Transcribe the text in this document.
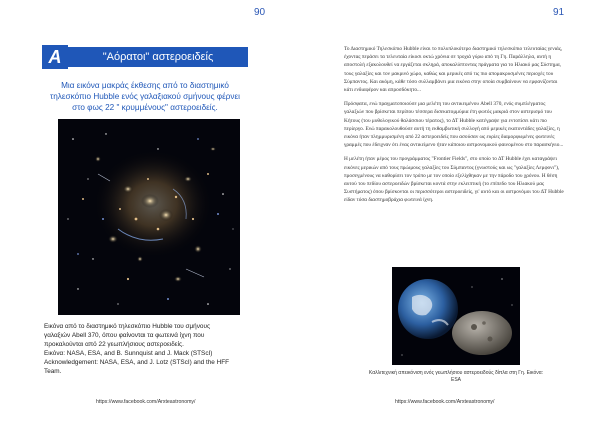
90	91
A	"Αόρατοι" αστεροειδείς
Μια εικόνα μακράς έκθεσης από το διαστημικό τηλεσκόπιο Hubble ενός γαλαξιακού σμήνους φέρνει στο φως 22 " κρυμμένους" αστεροειδείς.
Εικόνα από το διαστημικό τηλεσκόπιο Hubble του σμήνους
γαλαξιών Abell 370, όπου φαίνονται τα φωτεινά ίχνη που
προκαλούνται από 22 γεωπλήσιους αστεροειδείς.
Εικόνα: NASA, ESA, and B. Sunnquist and J. Mack (STScI)
Acknowledgement: NASA, ESA, and J. Lotz (STScI) and the HFF
Team.
https://www.facebook.com/Arxteastronomy/

Το Διαστημικό Τηλεσκόπιο Hubble είναι το πολυπλοκότερο διαστημικό τηλεσκόπιο τελευταίας γενιάς, έχοντας περάσει τα τελευταία είκοσι οκτώ χρόνια σε τροχιά γύρω από τη Γη. Παράλληλα, αυτή η αποστολή εξακολουθεί να εργάζεται σκληρά, αποκαλύπτοντας πράγματα για το Ηλιακό μας Σύστημα, τους γαλαξίες και τον μακρινό χώρο, καθώς και μερικές από τις πιο απομακρυσμένες περιοχές του Σύμπαντος. Και ακόμη, κάθε τόσο συλλαμβάνει μια εικόνα στην οποία συμβαίνουν να εμφανίζονται κάτι ενδιαφέρον και απροσδόκητο...

Πρόσφατα, ενώ πραγματοποιούσε μια μελέτη του αντικειμένου Abell 370, ενός συμπλέγματος γαλαξιών που βρίσκεται περίπου τέσσερα δισεκατομμύρια έτη φωτός μακριά στον αστερισμό του Κήτους (του μυθολογικού θαλάσσιου τέρατος), το ΔΤ Hubble κατέγραψε για εντοπίσει κάτι πιο περίεργο. Ενώ παρακολουθούσε αυτή τη εκθαμβωτική συλλογή από μερικές εκατοντάδες γαλαξίες, η εικόνα ήταν πλημμυρισμένη από 22 αστεροειδείς που ασούσαν ως ευρίες διαμορφωμένες φωτεινές γραμμές που έδειχναν ότι ένας αντικείμενο ήταν κάποιου αστρονομικού φαινομένου στο παρασκήνιο...

Η μελέτη ήταν μέρος του προγράμματος "Frontier Fields", στο οποίο το ΔΤ Hubble έχει καταγράψει εικόνες μερικών από τους πρώιμους γαλαξίες του Σύμπαντος (γνωστούς και ως "γαλαξίες Λεμφονι"), προσεγμένους να καθορίσει τον τρόπο με τον οποίο εξελίχθηκαν με την πάροδο του χρόνου. Η θέση αυτού του πεδίου αστεροειδών βρίσκεται κοντά στην εκλειπτική (το επίπεδο του Ηλιακού μας Συστήματος) όπου βρίσκονται οι περισσότεροι αστεροειδείς, γι' αυτό και οι αστρονόμοι του ΔΤ Hubble είδαν τόσα διαστημοβράχια φωτεινά ίχνη.

Καλλιτεχνική απεικόνιση ενός γεωπλήσιου αστεροειδούς δίπλα στη Γη. Εικόνα: ESA
https://www.facebook.com/Arxteastronomy/
